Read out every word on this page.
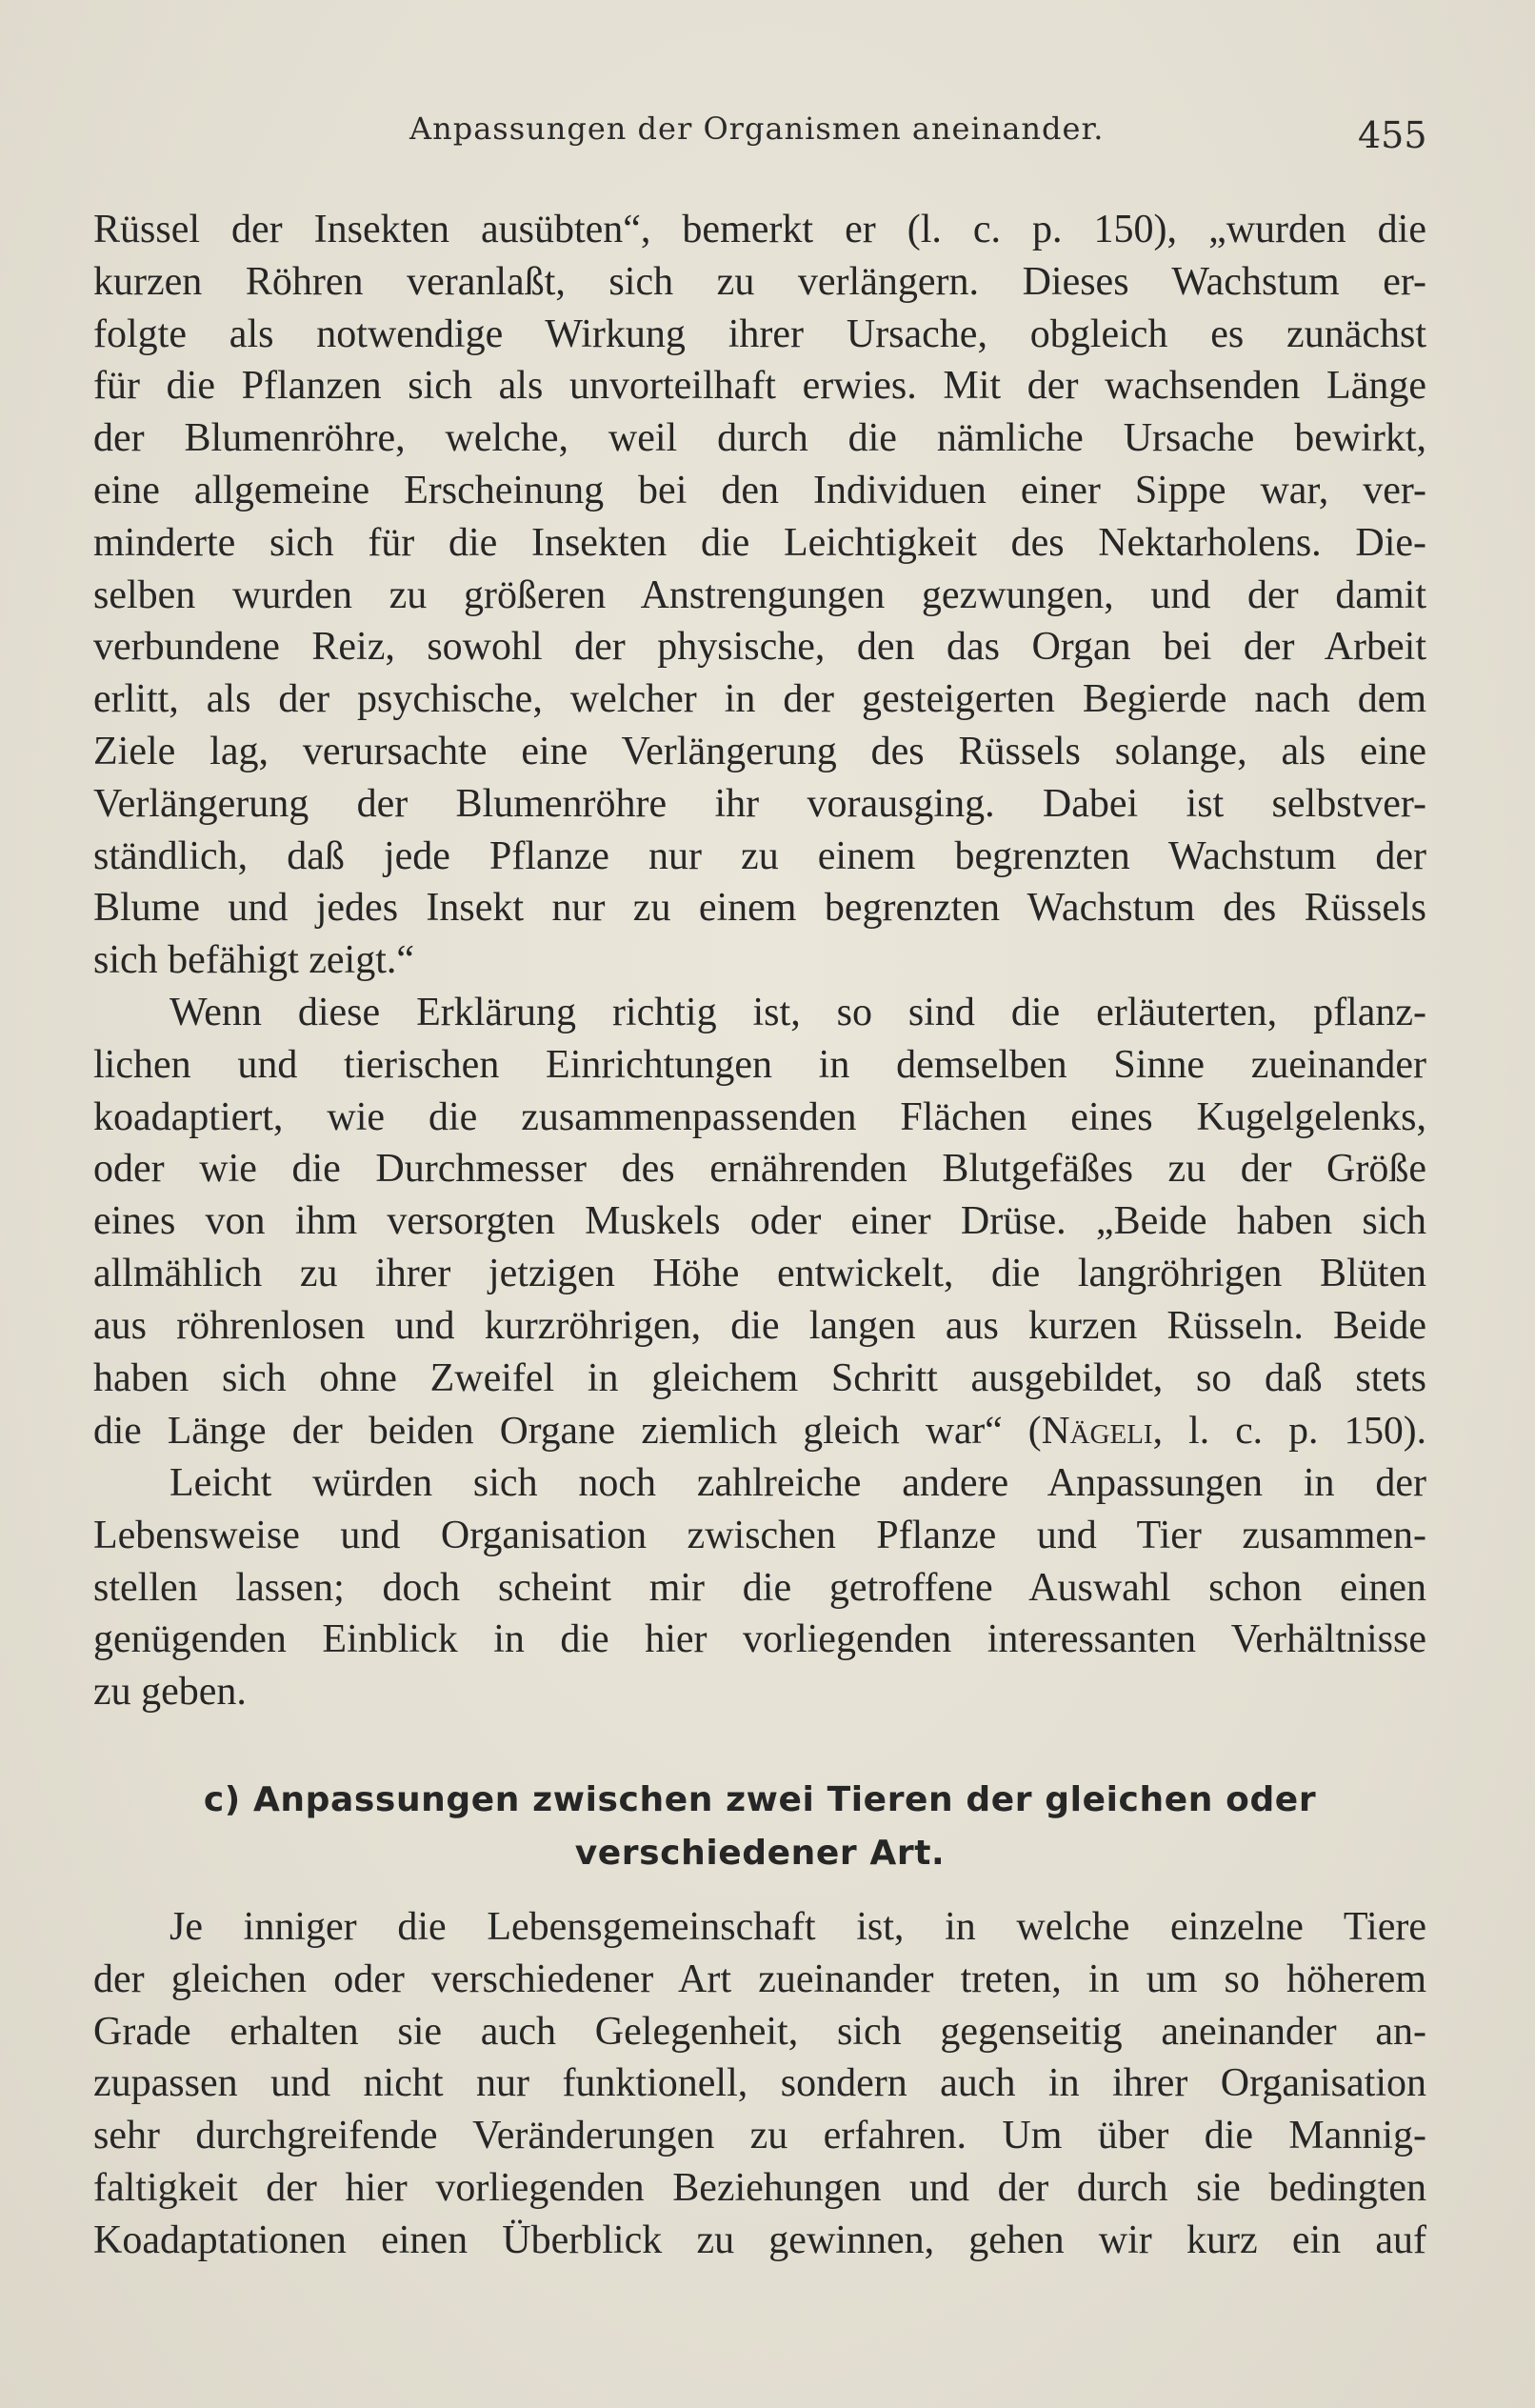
Anpassungen der Organismen aneinander.	455
Rüssel der Insekten ausübten“, bemerkt er (l. c. p. 150), „wurden die
kurzen Röhren veranlaßt, sich zu verlängern. Dieses Wachstum er-
folgte als notwendige Wirkung ihrer Ursache, obgleich es zunächst
für die Pflanzen sich als unvorteilhaft erwies. Mit der wachsenden Länge
der Blumenröhre, welche, weil durch die nämliche Ursache bewirkt,
eine allgemeine Erscheinung bei den Individuen einer Sippe war, ver-
minderte sich für die Insekten die Leichtigkeit des Nektarholens. Die-
selben wurden zu größeren Anstrengungen gezwungen, und der damit
verbundene Reiz, sowohl der physische, den das Organ bei der Arbeit
erlitt, als der psychische, welcher in der gesteigerten Begierde nach dem
Ziele lag, verursachte eine Verlängerung des Rüssels solange, als eine
Verlängerung der Blumenröhre ihr vorausging. Dabei ist selbstver-
ständlich, daß jede Pflanze nur zu einem begrenzten Wachstum der
Blume und jedes Insekt nur zu einem begrenzten Wachstum des Rüssels
sich befähigt zeigt.“
Wenn diese Erklärung richtig ist, so sind die erläuterten, pflanz-
lichen und tierischen Einrichtungen in demselben Sinne zueinander
koadaptiert, wie die zusammenpassenden Flächen eines Kugelgelenks,
oder wie die Durchmesser des ernährenden Blutgefäßes zu der Größe
eines von ihm versorgten Muskels oder einer Drüse. „Beide haben sich
allmählich zu ihrer jetzigen Höhe entwickelt, die langröhrigen Blüten
aus röhrenlosen und kurzröhrigen, die langen aus kurzen Rüsseln. Beide
haben sich ohne Zweifel in gleichem Schritt ausgebildet, so daß stets
die Länge der beiden Organe ziemlich gleich war“ (Nägeli, l. c. p. 150).
Leicht würden sich noch zahlreiche andere Anpassungen in der
Lebensweise und Organisation zwischen Pflanze und Tier zusammen-
stellen lassen; doch scheint mir die getroffene Auswahl schon einen
genügenden Einblick in die hier vorliegenden interessanten Verhältnisse
zu geben.
c) Anpassungen zwischen zwei Tieren der gleichen oder
verschiedener Art.
Je inniger die Lebensgemeinschaft ist, in welche einzelne Tiere
der gleichen oder verschiedener Art zueinander treten, in um so höherem
Grade erhalten sie auch Gelegenheit, sich gegenseitig aneinander an-
zupassen und nicht nur funktionell, sondern auch in ihrer Organisation
sehr durchgreifende Veränderungen zu erfahren. Um über die Mannig-
faltigkeit der hier vorliegenden Beziehungen und der durch sie bedingten
Koadaptationen einen Überblick zu gewinnen, gehen wir kurz ein auf
